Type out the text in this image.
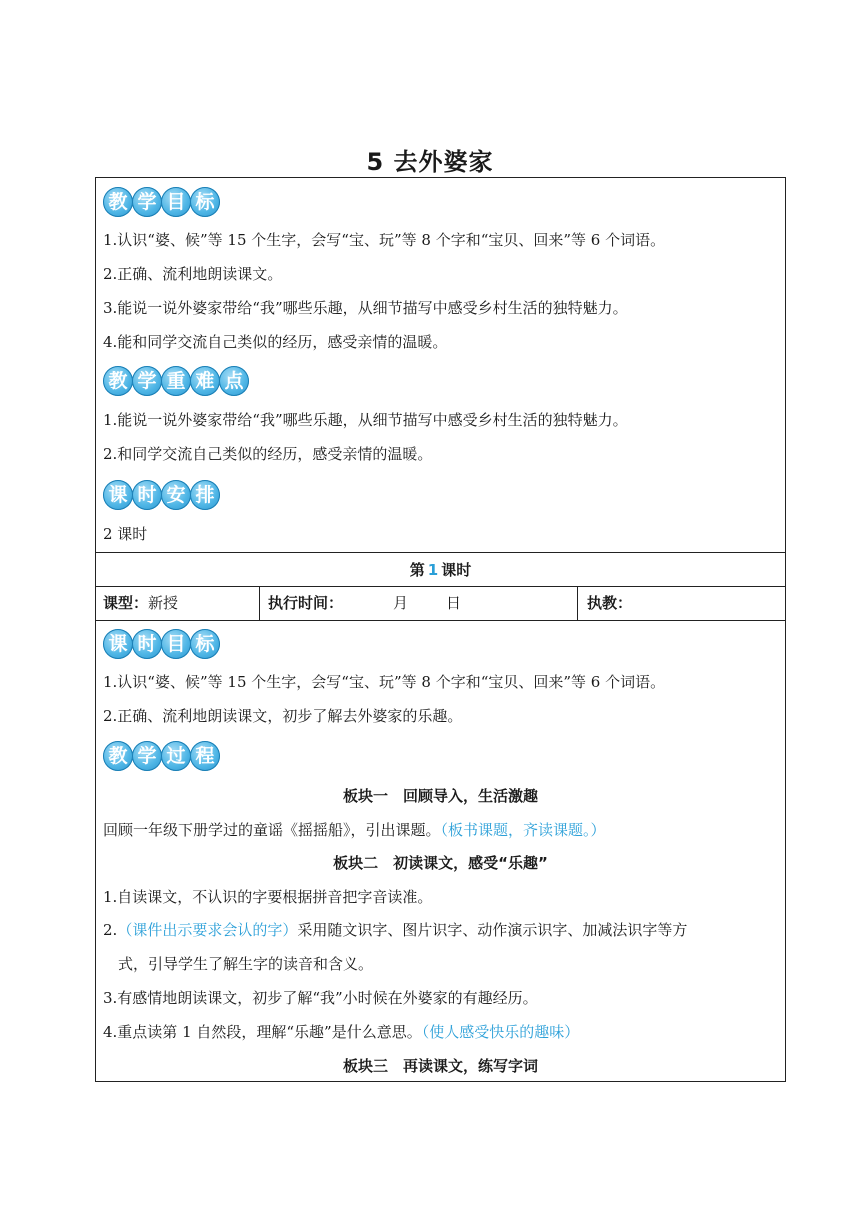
5 去外婆家
教 学 目 标
1.认识“婆、候”等 15 个生字，会写“宝、玩”等 8 个字和“宝贝、回来”等 6 个词语。
2.正确、流利地朗读课文。
3.能说一说外婆家带给“我”哪些乐趣，从细节描写中感受乡村生活的独特魅力。
4.能和同学交流自己类似的经历，感受亲情的温暖。
教 学 重 难 点
1.能说一说外婆家带给“我”哪些乐趣，从细节描写中感受乡村生活的独特魅力。
2.和同学交流自己类似的经历，感受亲情的温暖。
课 时 安 排
2 课时
第 1 课时
课型：新授	执行时间：	月	日	执教：
课 时 目 标
1.认识“婆、候”等 15 个生字，会写“宝、玩”等 8 个字和“宝贝、回来”等 6 个词语。
2.正确、流利地朗读课文，初步了解去外婆家的乐趣。
教 学 过 程
板块一　回顾导入，生活激趣
回顾一年级下册学过的童谣《摇摇船》，引出课题。（板书课题，齐读课题。）
板块二　初读课文，感受“乐趣”
1.自读课文，不认识的字要根据拼音把字音读准。
2.（课件出示要求会认的字）采用随文识字、图片识字、动作演示识字、加减法识字等方
式，引导学生了解生字的读音和含义。
3.有感情地朗读课文，初步了解“我”小时候在外婆家的有趣经历。
4.重点读第 1 自然段，理解“乐趣”是什么意思。（使人感受快乐的趣味）
板块三　再读课文，练写字词
